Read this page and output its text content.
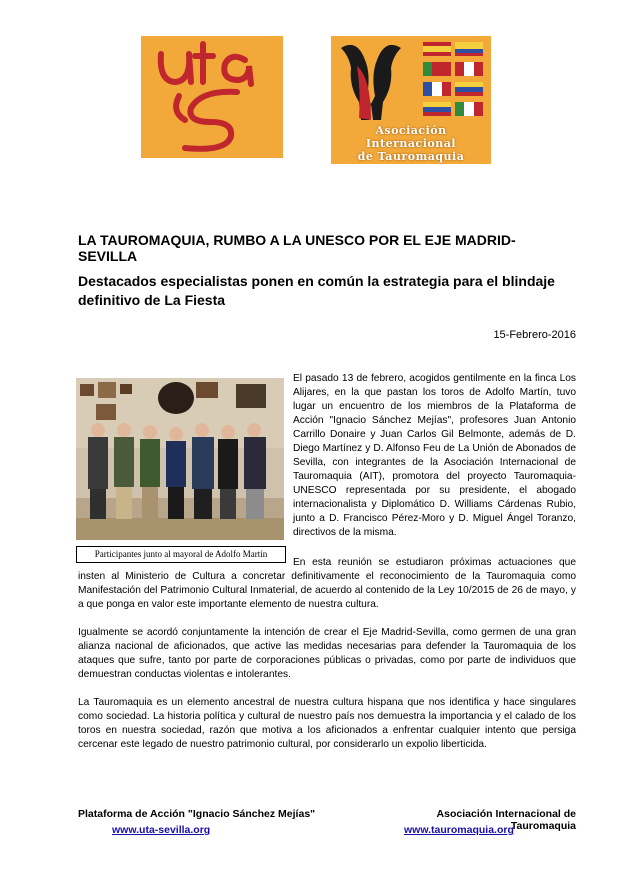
Asociación
Internacional
de Tauromaquia
LA TAUROMAQUIA, RUMBO A LA UNESCO POR EL EJE MADRID-SEVILLA
Destacados especialistas ponen en común la estrategia para el blindaje definitivo de La Fiesta
15-Febrero-2016
Participantes junto al mayoral de Adolfo Martín
El pasado 13 de febrero, acogidos gentilmente en la finca Los Alijares, en la que pastan los toros de Adolfo Martín, tuvo lugar un encuentro de los miembros de la Plataforma de Acción "Ignacio Sánchez Mejías", profesores Juan Antonio Carrillo Donaire y Juan Carlos Gil Belmonte, además de D. Diego Martínez y D. Alfonso Feu de La Unión de Abonados de Sevilla, con integrantes de la Asociación Internacional de Tauromaquia (AIT), promotora del proyecto Tauromaquia-UNESCO representada por su presidente, el abogado internacionalista y Diplomático D. Williams Cárdenas Rubio, junto a D. Francisco Pérez-Moro y D. Miguel Ángel Toranzo, directivos de la misma.
En esta reunión se estudiaron próximas actuaciones que insten al Ministerio de Cultura a concretar definitivamente el reconocimiento de la Tauromaquia como Manifestación del Patrimonio Cultural Inmaterial, de acuerdo al contenido de la Ley 10/2015 de 26 de mayo, y a que ponga en valor este importante elemento de nuestra cultura.
Igualmente se acordó conjuntamente la intención de crear el Eje Madrid-Sevilla, como germen de una gran alianza nacional de aficionados, que active las medidas necesarias para defender la Tauromaquia de los ataques que sufre, tanto por parte de corporaciones públicas o privadas, como por parte de individuos que demuestran conductas violentas e intolerantes.
La Tauromaquia es un elemento ancestral de nuestra cultura hispana que nos identifica y hace singulares como sociedad. La historia política y cultural de nuestro país nos demuestra la importancia y el calado de los toros en nuestra sociedad, razón que motiva a los aficionados a enfrentar cualquier intento que persiga cercenar este legado de nuestro patrimonio cultural, por considerarlo un expolio liberticida.
Plataforma de Acción "Ignacio Sánchez Mejías"
www.uta-sevilla.org
Asociación Internacional de Tauromaquia
www.tauromaquia.org
